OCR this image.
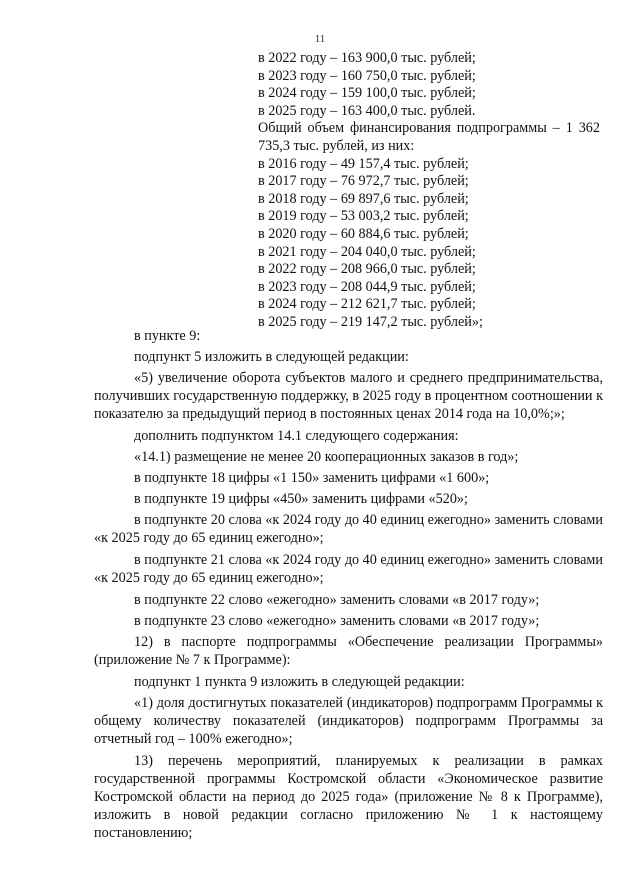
11
в 2022 году – 163 900,0 тыс. рублей;
в 2023 году – 160 750,0 тыс. рублей;
в 2024 году – 159 100,0 тыс. рублей;
в 2025 году – 163 400,0 тыс. рублей.
Общий объем финансирования подпрограммы – 1 362 735,3 тыс. рублей, из них:
в 2016 году – 49 157,4 тыс. рублей;
в 2017 году – 76 972,7 тыс. рублей;
в 2018 году – 69 897,6 тыс. рублей;
в 2019 году – 53 003,2 тыс. рублей;
в 2020 году – 60 884,6 тыс. рублей;
в 2021 году – 204 040,0 тыс. рублей;
в 2022 году – 208 966,0 тыс. рублей;
в 2023 году – 208 044,9 тыс. рублей;
в 2024 году – 212 621,7 тыс. рублей;
в 2025 году – 219 147,2 тыс. рублей»;

в пункте 9:

подпункт 5 изложить в следующей редакции:

«5) увеличение оборота субъектов малого и среднего предпринимательства, получивших государственную поддержку, в 2025 году в процентном соотношении к показателю за предыдущий период в постоянных ценах 2014 года на 10,0%;»;

дополнить подпунктом 14.1 следующего содержания:

«14.1) размещение не менее 20 кооперационных заказов в год»;

в подпункте 18 цифры «1 150» заменить цифрами «1 600»;

в подпункте 19 цифры «450» заменить цифрами «520»;

в подпункте 20 слова «к 2024 году до 40 единиц ежегодно» заменить словами «к 2025 году до 65 единиц ежегодно»;

в подпункте 21 слова «к 2024 году до 40 единиц ежегодно» заменить словами «к 2025 году до 65 единиц ежегодно»;

в подпункте 22 слово «ежегодно» заменить словами «в 2017 году»;

в подпункте 23 слово «ежегодно» заменить словами «в 2017 году»;

12) в паспорте подпрограммы «Обеспечение реализации Программы» (приложение № 7 к Программе):

подпункт 1 пункта 9 изложить в следующей редакции:

«1) доля достигнутых показателей (индикаторов) подпрограмм Программы к общему количеству показателей (индикаторов) подпрограмм Программы за отчетный год – 100% ежегодно»;

13) перечень мероприятий, планируемых к реализации в рамках государственной программы Костромской области «Экономическое развитие Костромской области на период до 2025 года» (приложение № 8 к Программе), изложить в новой редакции согласно приложению № 1 к настоящему постановлению;
